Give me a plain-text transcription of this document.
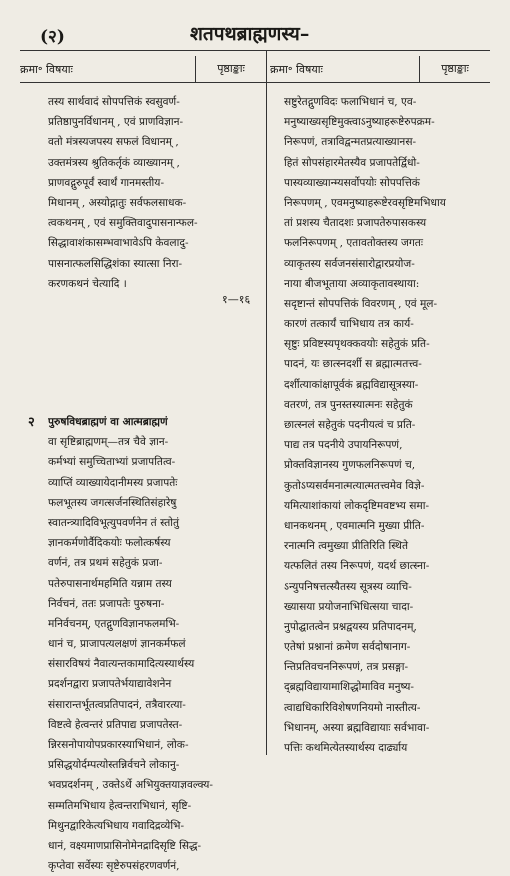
(२)	शतपथब्राह्मणस्य–
क्रमा॰ विषयाः	पृष्ठाङ्काः	क्रमा॰ विषयाः	पृष्ठाङ्काः
तस्य सार्थवादं सोपपत्तिकं स्वसुवर्ण-
प्रतिष्ठापुनर्विधानम् , एवं प्राणविज्ञान-
वतो मंत्रस्यजपस्य सफलं विधानम् ,
उक्तमंत्रस्य श्रुतिकर्तृकं व्याख्यानम् ,
प्राणवद्गुरुपूर्वं स्वार्थं गानमस्तीय-
मिधानम् , अस्योद्गातुः सर्वफलसाधक-
त्वकथनम् , एवं समुक्तिवादुपासनान्फल-
सिद्धावाशंकासम्भवाभावेऽपि केवलादु-
पासनात्फलसिद्धिशंका स्यात्सा निरा-
करणकथनं चेत्यादि ।
१—१६
२ पुरुषविधब्राह्मणं वा आत्मब्राह्मणं
वा सृष्टिब्राह्मणम्—तत्र चैवे ज्ञान-
कर्मभ्यां समुच्चिताभ्यां प्रजापतित्व-
व्याप्तिं व्याख्यायेदानीमस्य प्रजापतेः
फलभूतस्य जगत्सर्जनस्थितिसंहारेषु
स्वातन्त्र्यादिविभूत्युपवर्णनेन तं स्तोतुं
ज्ञानकर्मणोर्वैदिकयोः फलोत्कर्षस्य
वर्णनं, तत्र प्रथमं सहेतुकं प्रजा-
पतेरुपासनार्थमहमिति यन्नाम तस्य
निर्वचनं, ततः प्रजापतेः पुरुषना-
मनिर्वचनम्, एतद्गुणविज्ञानफलमभि-
धानं च, प्राजापत्यलक्षणं ज्ञानकर्मफलं
संसारविषयं नैवात्यन्तकामादित्यस्यार्थस्य
प्रदर्शनद्वारा प्रजापतेर्भयाद्यावेशनेन
संसारान्तर्भूतत्वप्रतिपादनं, तत्रैवारत्या-
विष्टत्वे हेत्वन्तरं प्रतिपाद्य प्रजापतेस्त-
न्निरसनोपायोपप्रकारस्याभिधानं, लोक-
प्रसिद्धयोर्दम्पत्योस्तन्निर्वचने लोकानु-
भवप्रदर्शनम् , उक्तेऽर्थे अभियुक्तयाज्ञवल्क्य-
सम्मतिमभिधाय हेत्वन्तराभिधानं, सृष्टि-
मिथुनद्वारिकेत्यभिधाय गवादिद्रव्येभि-
धानं, वक्ष्यमाणप्रासिनोमेनद्रादिसृष्टि सिद्ध-
कृप्तेवा सर्वेस्यः सृष्टेरुपसंहरणवर्णनं,
सष्टुरेतद्गुणविदः फलाभिधानं च, एव-
मनुष्याख्यसृष्टिमुक्त्वाऽनुष्याहरूष्टेरुपक्रम-
निरूपणं, तत्राविद्वन्मतप्रत्याख्यानस-
हितं सोपसंहारमेतस्यैव प्रजापतेर्द्विधो-
पास्यव्याख्यान्म्यसर्वोपयोः सोपपत्तिकं
निरूपणम् , एवमनुष्याहरूष्टेरवसृष्टिमभिधाय
तां प्रशस्य चैतादशः प्रजापतेरुपासकस्य
फलनिरूपणम् , एतावतोक्तस्य जगतः
व्याकृतस्य सर्वजनसंसारोद्वारप्रयोज-
नाया बीजभूताया अव्याकृतावस्थाया:
सदृष्टान्तं सोपपत्तिकं विवरणम् , एवं मूल-
कारणं तत्कार्यं चाभिधाय तत्र कार्य-
सृष्टुः प्रविष्टस्यपृथक्कवयोः सहेतुकं प्रति-
पादनं, यः छात्स्नदर्शी स ब्रह्मात्मतत्त्व-
दर्शीत्याकांक्षापूर्वकं ब्रह्मविद्यासूत्रस्या-
वतरणं, तत्र पुनस्तस्यात्मनः सहेतुकं
छात्स्नलं सहेतुकं पदनीयत्वं च प्रति-
पाद्य तत्र पदनीये उपायनिरूपणं,
प्रोक्तविज्ञानस्य गुणफलनिरूपणं च,
कुतोऽप्यसर्वमनात्मत्यात्मतत्त्वमेव विज्ञे-
यमित्याशांकायां लोकदृष्टिमवष्टभ्य समा-
धानकथनम् , एवमात्मनि मुख्या प्रीति-
रनात्मनि त्वमुख्या प्रीतिरिति स्थिते
यत्फलितं तस्य निरूपणं, यदर्थ छात्स्ना-
ऽन्युपनिषत्तत्स्यैतस्य सूत्रस्य व्याचि-
ख्यासया प्रयोजनाभिधित्सया चादा-
नुपोद्घातत्वेन प्रश्नद्वयस्य प्रतिपादनम्,
एतेषां प्रश्नानां क्रमेण सर्वदोषानाग-
न्तिप्रतिवचननिरूपणं, तत्र प्रसङ्गा-
द्ब्रह्मविद्यायामाशिद्धोमाविव मनुष्य-
त्वाद्यधिकारिविशेषणनियमो नास्तीत्य-
भिधानम्, अस्या ब्रह्मविद्यायाः सर्वभावा-
पत्तिः कथमित्येतस्यार्थस्य दार्ढ्याय
